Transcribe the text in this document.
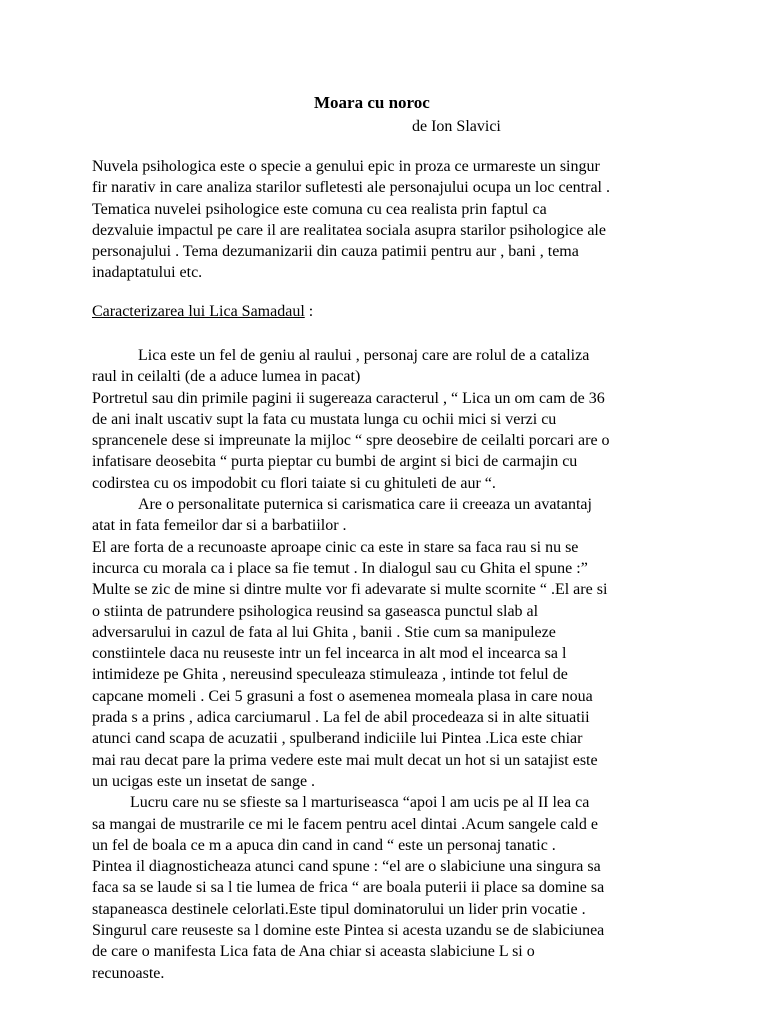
Moara cu noroc
de Ion Slavici
Nuvela psihologica este o specie a genului epic in proza ce urmareste un singur
fir narativ in care analiza starilor sufletesti ale personajului ocupa un loc central .
Tematica nuvelei psihologice este comuna cu cea realista prin faptul ca
dezvaluie impactul pe care il are realitatea sociala asupra starilor psihologice ale
personajului . Tema dezumanizarii din cauza patimii pentru aur , bani , tema
inadaptatului etc.
Caracterizarea lui Lica Samadaul :
Lica este un fel de geniu al raului , personaj care are rolul de a cataliza
raul in ceilalti (de a aduce lumea in pacat)
Portretul sau din primile pagini ii sugereaza caracterul , “ Lica un om cam de 36
de ani inalt uscativ supt la fata cu mustata lunga cu ochii mici si verzi cu
sprancenele dese si impreunate la mijloc “ spre deosebire de ceilalti porcari are o
infatisare deosebita “ purta pieptar cu bumbi de argint si bici de carmajin cu
codirstea cu os impodobit cu flori taiate si cu ghituleti de aur “.
Are o personalitate puternica si carismatica care ii creeaza un avatantaj
atat in fata femeilor dar si a barbatiilor .
El are forta de a recunoaste aproape cinic ca este in stare sa faca rau si nu se
incurca cu morala ca i place sa fie temut . In dialogul sau cu Ghita el spune :”
Multe se zic de mine si dintre multe vor fi adevarate si multe scornite “ .El are si
o stiinta de patrundere psihologica reusind sa gaseasca punctul slab al
adversarului in cazul de fata al lui Ghita , banii . Stie cum sa manipuleze
constiintele daca nu reuseste intr un fel incearca in alt mod el incearca sa l
intimideze pe Ghita , nereusind speculeaza stimuleaza , intinde tot felul de
capcane momeli . Cei 5 grasuni a fost o asemenea momeala plasa in care noua
prada s a prins , adica carciumarul . La fel de abil procedeaza si in alte situatii
atunci cand scapa de acuzatii , spulberand indiciile lui Pintea .Lica este chiar
mai rau decat pare la prima vedere este mai mult decat un hot si un satajist este
un ucigas este un insetat de sange .
Lucru care nu se sfieste sa l marturiseasca “apoi l am ucis pe al II lea ca
sa mangai de mustrarile ce mi le facem pentru acel dintai .Acum sangele cald e
un fel de boala ce m a apuca din cand in cand “ este un personaj tanatic .
Pintea il diagnosticheaza atunci cand spune : “el are o slabiciune una singura sa
faca sa se laude si sa l tie lumea de frica “ are boala puterii ii place sa domine sa
stapaneasca destinele celorlati.Este tipul dominatorului un lider prin vocatie .
Singurul care reuseste sa l domine este Pintea si acesta uzandu se de slabiciunea
de care o manifesta Lica fata de Ana chiar si aceasta slabiciune L si o
recunoaste.
